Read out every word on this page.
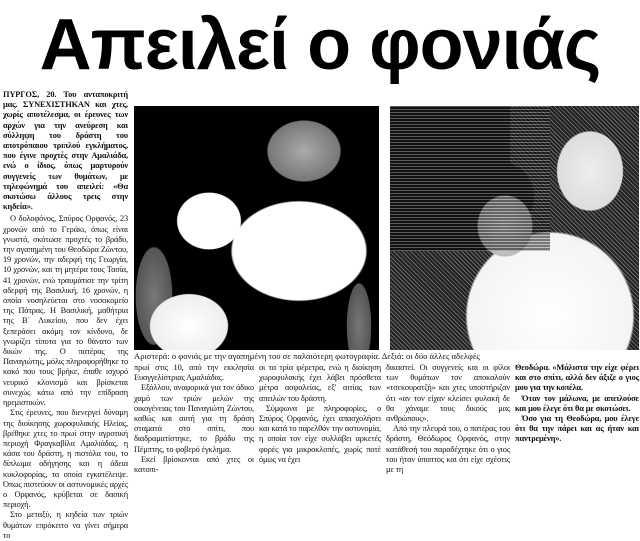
Απειλεί ο φονιάς

ΠΥΡΓΟΣ, 20. Του ανταποκριτή μας. ΣΥΝΕΧΙΣΤΗΚΑΝ και χτες, χωρίς αποτέλεσμα, οι έρευνες των αρχών για την ανεύρεση και σύλληψη του δράστη του αποτρόπαιου τριπλού εγκλήματος, που έγινε προχτές στην Αμαλιάδα, ενώ ο ίδιος, όπως μαρτυρούν συγγενείς των θυμάτων, με τηλεφώνημά του απειλεί: «Θα σκοτώσω άλλους τρεις στην κηδεία».

Ο δολοφόνος, Σπύρος Ορφανός, 23 χρονών από το Γεράκι, όπως είναι γνωστό, σκότωσε προχτές το βράδυ, την αγαπημένη του Θεοδώρα Ζώντου, 19 χρονών, την αδερφή της Γεωργία, 10 χρονών, και τη μητέρα τους Τασία, 41 χρονών, ενώ τραυμάτισε την τρίτη αδερφή της Βασιλική, 16 χρονών, η οποία νοσηλεύεται στο νοσοκομείο της Πάτρας. Η Βασιλική, μαθήτρια της Β΄ Λυκείου, που δεν έχει ξεπεράσει ακόμη τον κίνδυνο, δε γνωρίζει τίποτα για το θάνατο των δικών της. Ο πατέρας της Παναγιώτης, μόλις πληροφορήθηκε το κακό που τους βρήκε, έπαθε ισχυρό νευρικό κλονισμό και βρίσκεται συνεχώς κάτω από την επίδραση ηρεμιστικών.

Στις έρευνες, που διενεργεί δύναμη της διοίκησης χωροφυλακής Ηλείας, βρέθηκε χτες το πρωί στην αγροτική περιοχή Φραγκαβίλα Αμαλιάδας, η κάσα του δράστη, η πιστόλα του, το δίπλωμα οδήγησης και η άδεια κυκλοφορίας, τα οποία εγκατέλειψε. Όπως πιστεύουν οι αστυνομικές αρχές ο Ορφανός, κρύβεται σε δασική περιοχή.

Στο μεταξύ, η κηδεία των τριών θυμάτων επρόκειτο να γίνει σήμερα το

Αριστερά: ο φονιάς με την αγαπημένη του σε παλαιότερη φωτογραφία. Δεξιά: οι δύο άλλες αδελφές

πρωί στις 10, από την εκκλησία Ευαγγελίστριας Αμαλιάδας.

Εξάλλου, αναφορικά για τον άδικο χαμό των τριών μελών της οικογένειας του Παναγιώτη Ζώντου, καθώς και αυτή για τη δράση σταματά στο σπίτι, που διαδραματίστηκε, το βράδυ της Πέμπτης, το φοβερό έγκλημα.

Εκεί βρίσκονται από χτες οι κατοπι-

οι τα τρία φέρετρα, ενώ η διοίκηση χωροφυλακής έχει λάβει πρόσθετα μέτρα ασφαλείας, εξ' αιτίας των απειλών του δράστη.

Σύμφωνα με πληροφορίες, ο Σπύρος Ορφανός, έχει απασχολήσει και κατά το παρελθόν την αστυνομία, η οποία τον είχε συλλάβει αρκετές φορές για μικροκλοπές, χωρίς ποτέ όμως να έχει

δικαστεί. Οι συγγενείς και οι φίλοι των θυμάτων τον αποκαλούν «τσεκουρατζή» και χτες υποστήριζαν ότι «αν τον είχαν κλείσει φυλακή δε θα χάναμε τους δικούς μας ανθρώπους».

Από την πλευρά του, ο πατέρας του δράστη, Θεόδωρος Ορφανός, στην κατάθεσή του παραδέχτηκε ότι ο γιος του ήταν ύποπτος και ότι είχε σχέσεις με τη

Θεοδώρα. «Μάλιστα την είχε φέρει και στο σπίτι, αλλά δεν άξιζε ο γιος μου για την κοπέλα.

Όταν τον μάλωνα, με απειλούσε και μου έλεγε ότι θα με σκοτώσει.

Όσο για τη Θεοδώρα, μου έλεγε ότι θα την πάρει και ας ήταν και παντρεμένη».
